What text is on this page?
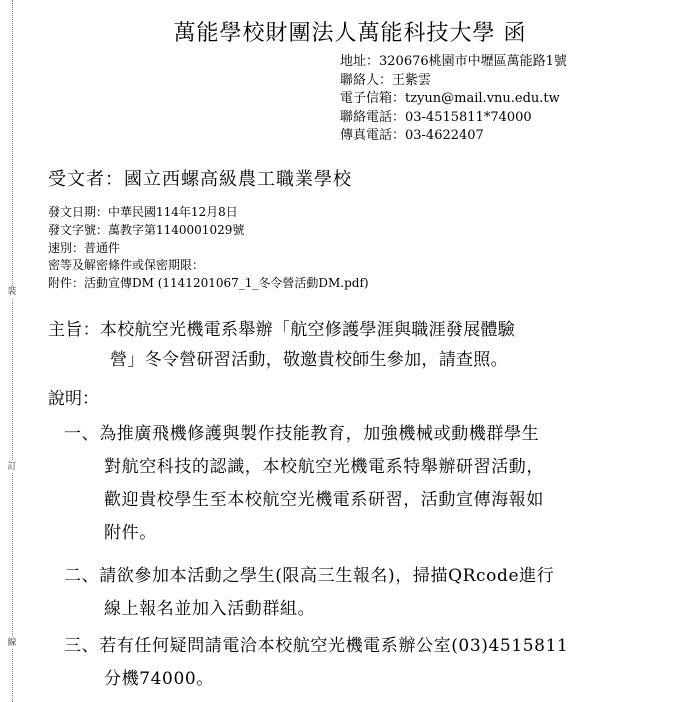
裝
訂
線
萬能學校財團法人萬能科技大學 函
地址：320676桃園市中壢區萬能路1號
聯絡人：王紫雲
電子信箱：tzyun@mail.vnu.edu.tw
聯絡電話：03-4515811*74000
傳真電話：03-4622407
受文者：國立西螺高級農工職業學校
發文日期：中華民國114年12月8日
發文字號：萬教字第1140001029號
速別：普通件
密等及解密條件或保密期限：
附件：活動宣傳DM (1141201067_1_冬令營活動DM.pdf)
主旨：本校航空光機電系舉辦「航空修護學涯與職涯發展體驗
營」冬令營研習活動，敬邀貴校師生參加，請查照。
說明：
一、為推廣飛機修護與製作技能教育，加強機械或動機群學生
對航空科技的認識，本校航空光機電系特舉辦研習活動，
歡迎貴校學生至本校航空光機電系研習，活動宣傳海報如
附件。
二、請欲參加本活動之學生(限高三生報名)，掃描QRcode進行
線上報名並加入活動群組。
三、若有任何疑問請電洽本校航空光機電系辦公室(03)4515811
分機74000。
